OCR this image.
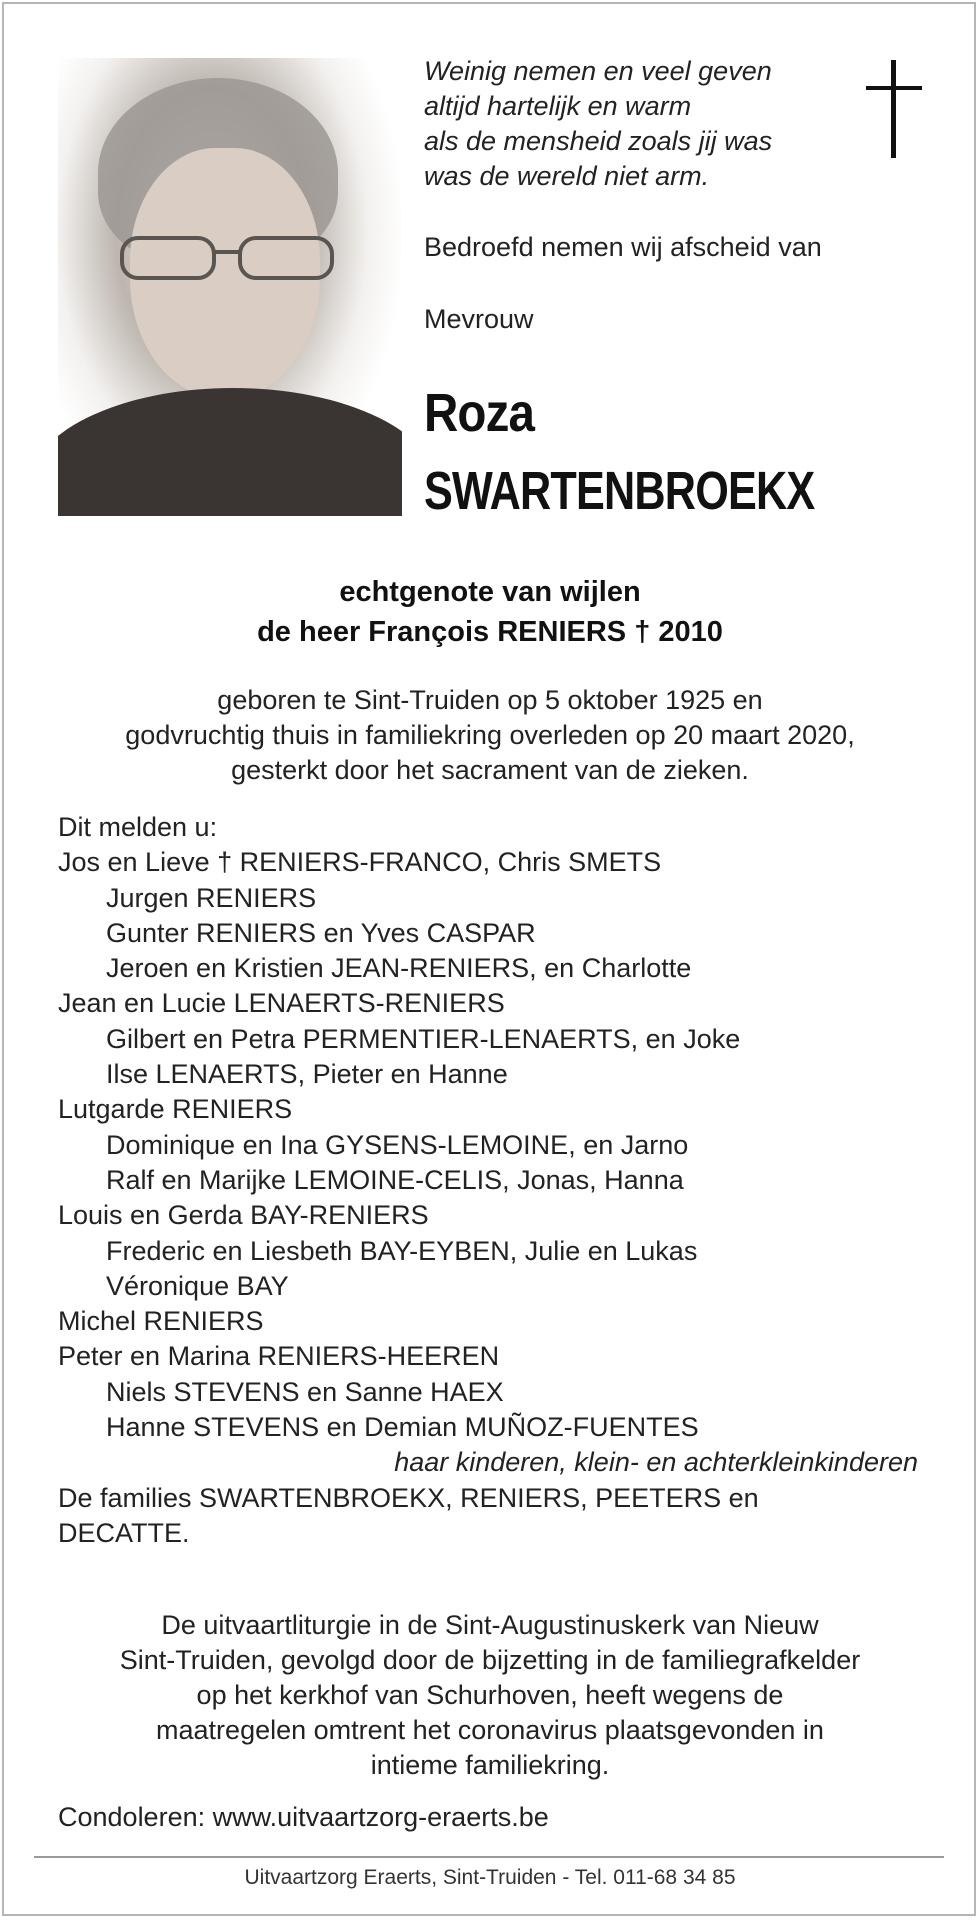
Weinig nemen en veel geven
altijd hartelijk en warm
als de mensheid zoals jij was
was de wereld niet arm.
Bedroefd nemen wij afscheid van
Mevrouw
Roza
SWARTENBROEKX
echtgenote van wijlen
de heer François RENIERS † 2010
geboren te Sint-Truiden op 5 oktober 1925 en
godvruchtig thuis in familiekring overleden op 20 maart 2020,
gesterkt door het sacrament van de zieken.
Dit melden u:
Jos en Lieve † RENIERS-FRANCO, Chris SMETS
Jurgen RENIERS
Gunter RENIERS en Yves CASPAR
Jeroen en Kristien JEAN-RENIERS, en Charlotte
Jean en Lucie LENAERTS-RENIERS
Gilbert en Petra PERMENTIER-LENAERTS, en Joke
Ilse LENAERTS, Pieter en Hanne
Lutgarde RENIERS
Dominique en Ina GYSENS-LEMOINE, en Jarno
Ralf en Marijke LEMOINE-CELIS, Jonas, Hanna
Louis en Gerda BAY-RENIERS
Frederic en Liesbeth BAY-EYBEN, Julie en Lukas
Véronique BAY
Michel RENIERS
Peter en Marina RENIERS-HEEREN
Niels STEVENS en Sanne HAEX
Hanne STEVENS en Demian MUÑOZ-FUENTES
haar kinderen, klein- en achterkleinkinderen
De families SWARTENBROEKX, RENIERS, PEETERS en
DECATTE.
De uitvaartliturgie in de Sint-Augustinuskerk van Nieuw
Sint-Truiden, gevolgd door de bijzetting in de familiegrafkelder
op het kerkhof van Schurhoven, heeft wegens de
maatregelen omtrent het coronavirus plaatsgevonden in
intieme familiekring.
Condoleren: www.uitvaartzorg-eraerts.be
Uitvaartzorg Eraerts, Sint-Truiden - Tel. 011-68 34 85
